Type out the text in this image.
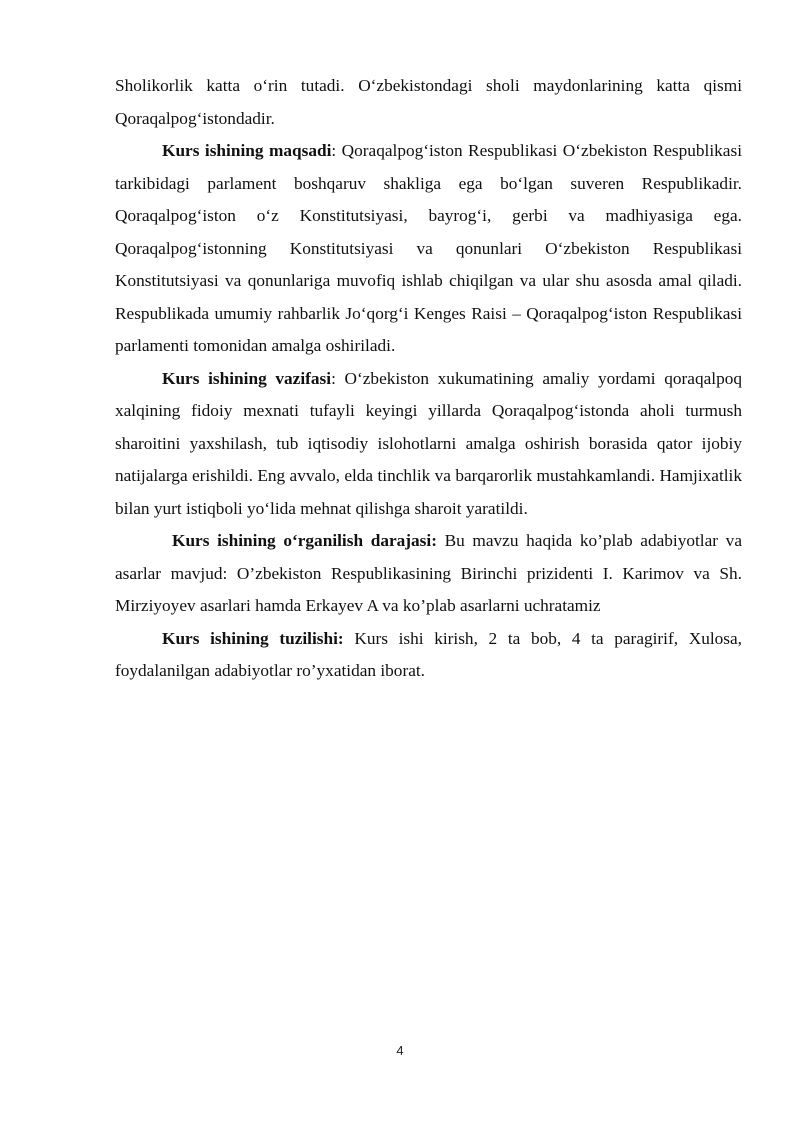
Sholikorlik katta o‘rin tutadi. O‘zbekistondagi sholi maydonlarining katta qismi Qoraqalpog‘istondadir.

Kurs ishining maqsadi: Qoraqalpog‘iston Respublikasi O‘zbekiston Respublikasi tarkibidagi parlament boshqaruv shakliga ega bo‘lgan suveren Respublikadir. Qoraqalpog‘iston o‘z Konstitutsiyasi, bayrog‘i, gerbi va madhiyasiga ega. Qoraqalpog‘istonning Konstitutsiyasi va qonunlari O‘zbekiston Respublikasi Konstitutsiyasi va qonunlariga muvofiq ishlab chiqilgan va ular shu asosda amal qiladi. Respublikada umumiy rahbarlik Jo‘qorg‘i Kenges Raisi – Qoraqalpog‘iston Respublikasi parlamenti tomonidan amalga oshiriladi.

Kurs ishining vazifasi: O‘zbekiston xukumatining amaliy yordami qoraqalpoq xalqining fidoiy mexnati tufayli keyingi yillarda Qoraqalpog‘istonda aholi turmush sharoitini yaxshilash, tub iqtisodiy islohotlarni amalga oshirish borasida qator ijobiy natijalarga erishildi. Eng avvalo, elda tinchlik va barqarorlik mustahkamlandi. Hamjixatlik bilan yurt istiqboli yo‘lida mehnat qilishga sharoit yaratildi.

Kurs ishining o‘rganilish darajasi: Bu mavzu haqida ko’plab adabiyotlar va asarlar mavjud: O’zbekiston Respublikasining Birinchi prizidenti I. Karimov va Sh. Mirziyoyev asarlari hamda Erkayev A va ko’plab asarlarni uchratamiz

Kurs ishining tuzilishi: Kurs ishi kirish, 2 ta bob, 4 ta paragirif, Xulosa, foydalanilgan adabiyotlar ro’yxatidan iborat.

4
